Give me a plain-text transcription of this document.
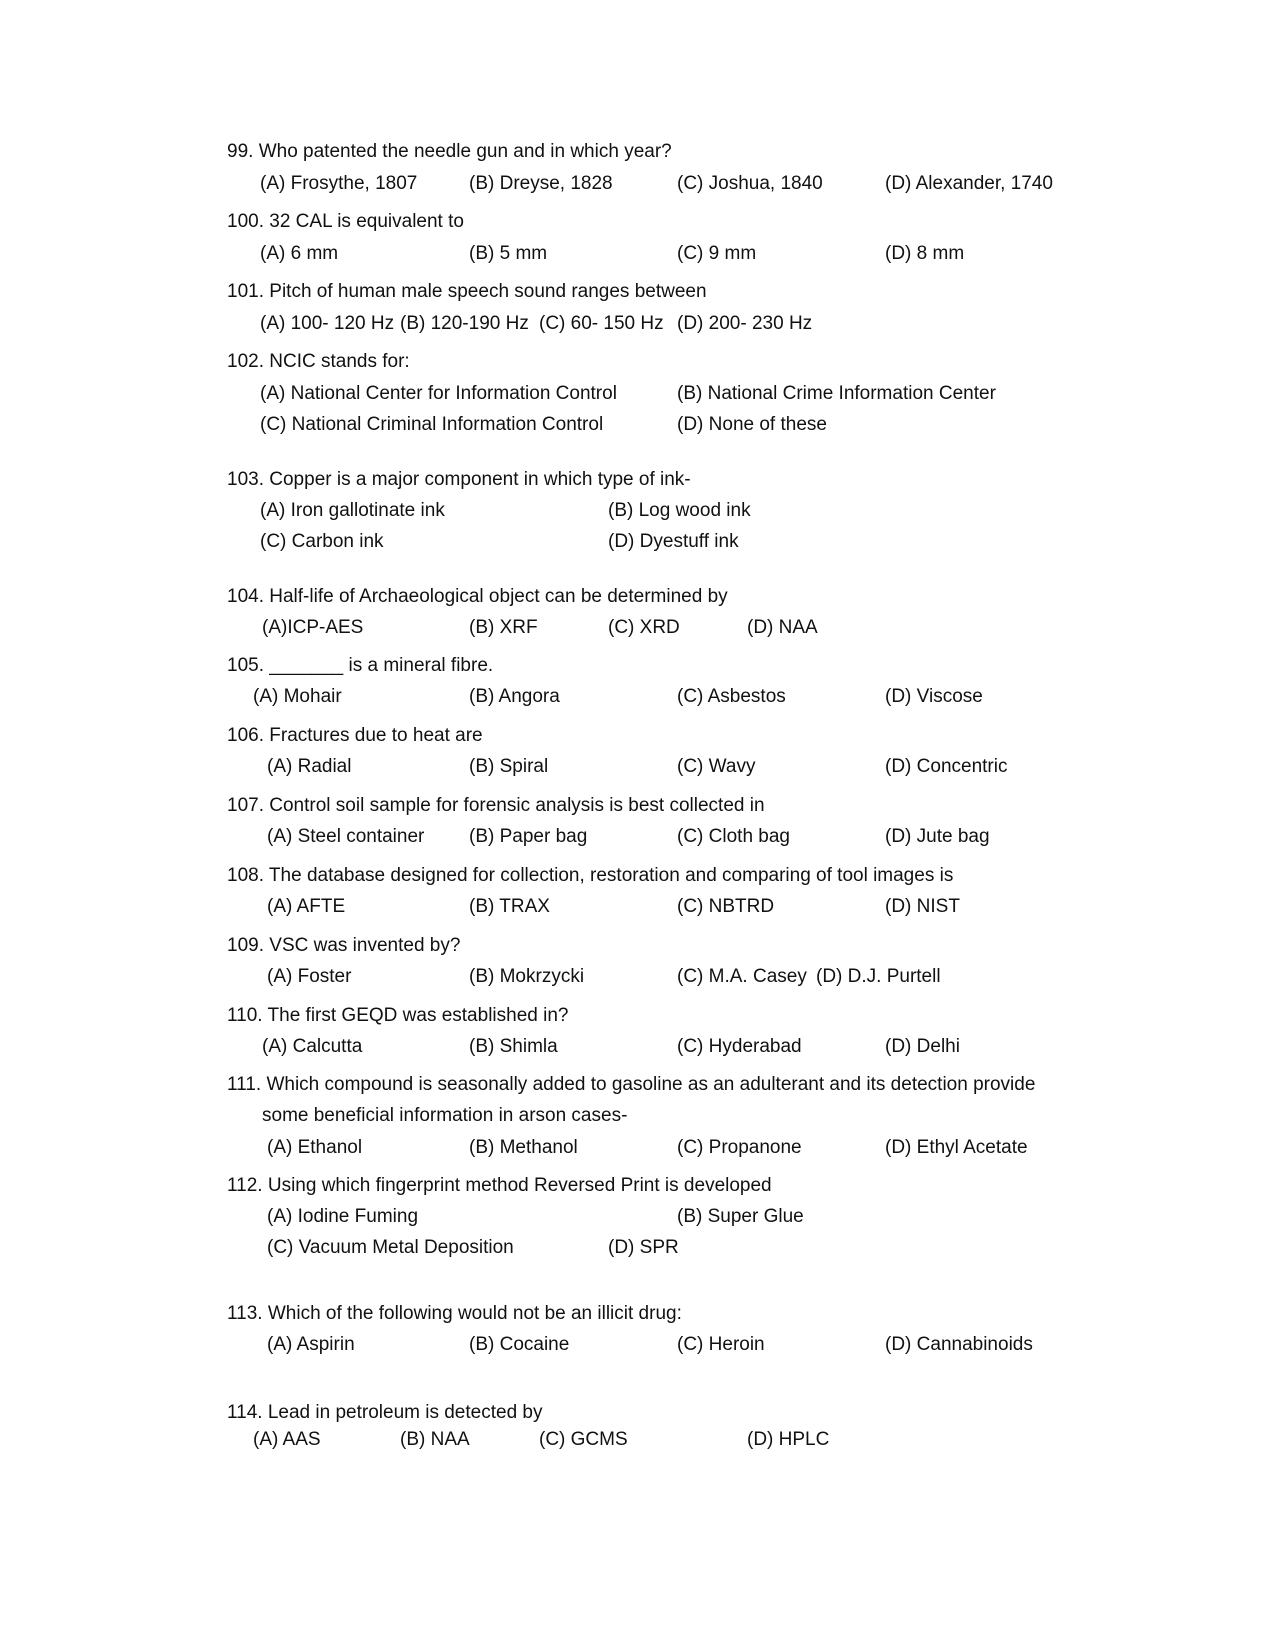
99. Who patented the needle gun and in which year?
(A) Frosythe, 1807	(B) Dreyse, 1828	(C) Joshua, 1840	(D) Alexander, 1740
100. 32 CAL is equivalent to
(A) 6 mm	(B) 5 mm	(C) 9 mm	(D) 8 mm
101. Pitch of human male speech sound ranges between
(A) 100- 120 Hz (B) 120-190 Hz (C) 60- 150 Hz (D) 200- 230 Hz
102. NCIC stands for:
(A) National Center for Information Control	(B) National Crime Information Center
(C) National Criminal Information Control	(D) None of these
103. Copper is a major component in which type of ink-
(A) Iron gallotinate ink	(B) Log wood ink
(C) Carbon ink	(D) Dyestuff ink
104. Half-life of Archaeological object can be determined by
(A)ICP-AES	(B) XRF	(C) XRD	(D) NAA
105. _______ is a mineral fibre.
(A) Mohair	(B) Angora	(C) Asbestos	(D) Viscose
106. Fractures due to heat are
(A) Radial	(B) Spiral	(C) Wavy	(D) Concentric
107. Control soil sample for forensic analysis is best collected in
(A) Steel container (B) Paper bag	(C) Cloth bag	(D) Jute bag
108. The database designed for collection, restoration and comparing of tool images is
(A) AFTE	(B) TRAX	(C) NBTRD	(D) NIST
109. VSC was invented by?
(A) Foster	(B) Mokrzycki	(C) M.A. Casey (D) D.J. Purtell
110. The first GEQD was established in?
(A) Calcutta	(B) Shimla	(C) Hyderabad	(D) Delhi
111. Which compound is seasonally added to gasoline as an adulterant and its detection provide
some beneficial information in arson cases-
(A) Ethanol	(B) Methanol	(C) Propanone	(D) Ethyl Acetate
112. Using which fingerprint method Reversed Print is developed
(A) Iodine Fuming	(B) Super Glue
(C) Vacuum Metal Deposition	(D) SPR
113. Which of the following would not be an illicit drug:
(A) Aspirin	(B) Cocaine	(C) Heroin	(D) Cannabinoids
114. Lead in petroleum is detected by
(A) AAS	(B) NAA	(C) GCMS	(D) HPLC
